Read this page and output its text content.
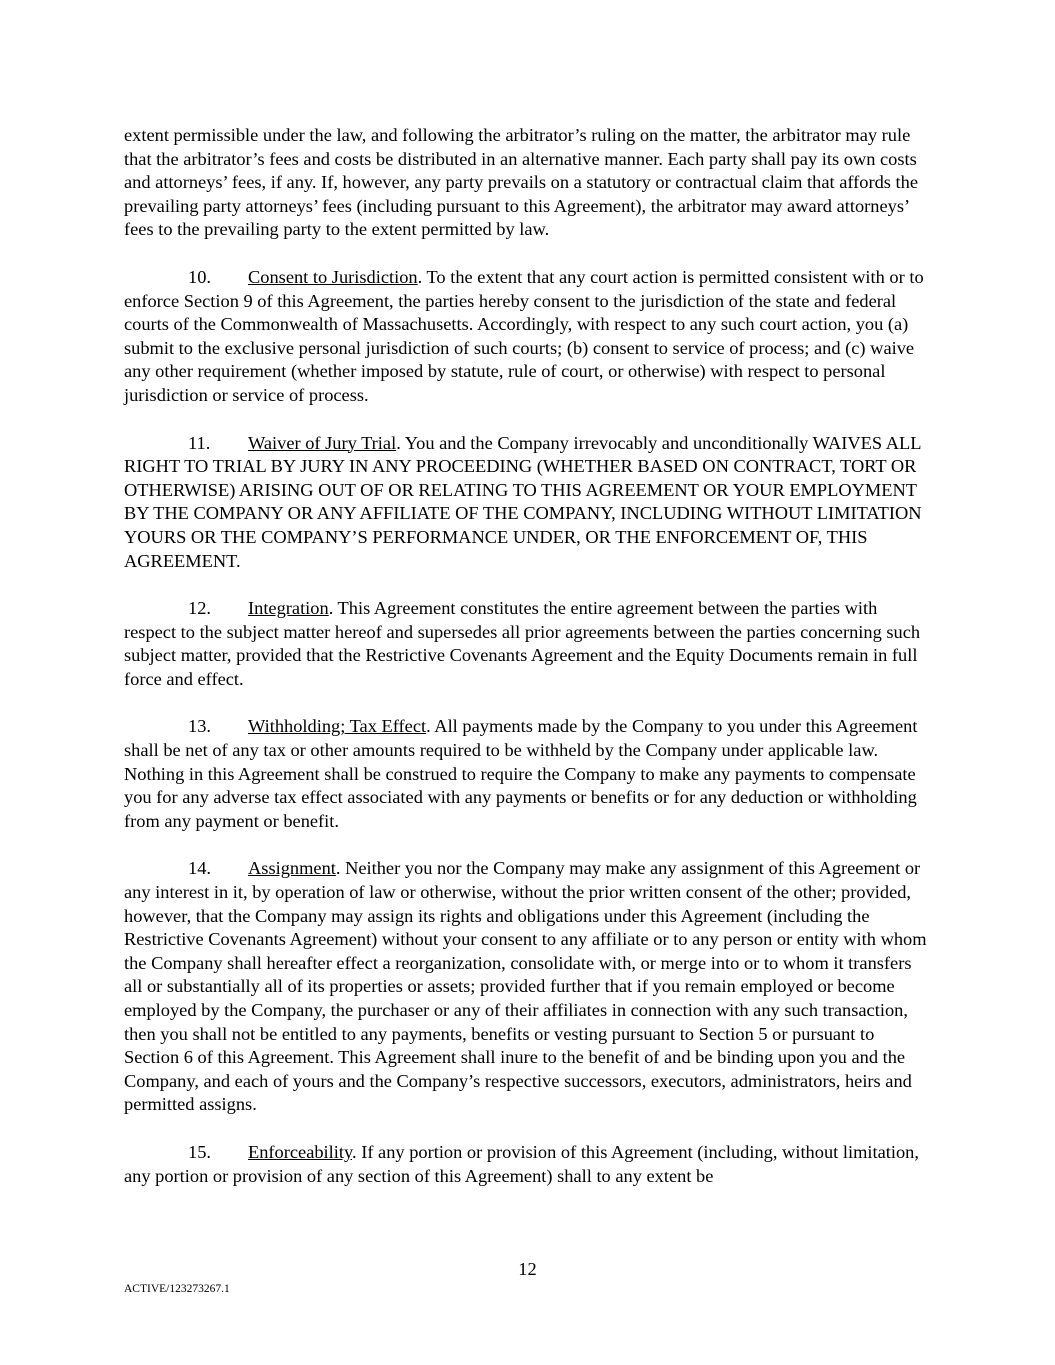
extent permissible under the law, and following the arbitrator’s ruling on the matter, the arbitrator may rule that the arbitrator’s fees and costs be distributed in an alternative manner. Each party shall pay its own costs and attorneys’ fees, if any. If, however, any party prevails on a statutory or contractual claim that affords the prevailing party attorneys’ fees (including pursuant to this Agreement), the arbitrator may award attorneys’ fees to the prevailing party to the extent permitted by law.

10. Consent to Jurisdiction. To the extent that any court action is permitted consistent with or to enforce Section 9 of this Agreement, the parties hereby consent to the jurisdiction of the state and federal courts of the Commonwealth of Massachusetts. Accordingly, with respect to any such court action, you (a) submit to the exclusive personal jurisdiction of such courts; (b) consent to service of process; and (c) waive any other requirement (whether imposed by statute, rule of court, or otherwise) with respect to personal jurisdiction or service of process.

11. Waiver of Jury Trial. You and the Company irrevocably and unconditionally WAIVES ALL RIGHT TO TRIAL BY JURY IN ANY PROCEEDING (WHETHER BASED ON CONTRACT, TORT OR OTHERWISE) ARISING OUT OF OR RELATING TO THIS AGREEMENT OR YOUR EMPLOYMENT BY THE COMPANY OR ANY AFFILIATE OF THE COMPANY, INCLUDING WITHOUT LIMITATION YOURS OR THE COMPANY’S PERFORMANCE UNDER, OR THE ENFORCEMENT OF, THIS AGREEMENT.

12. Integration. This Agreement constitutes the entire agreement between the parties with respect to the subject matter hereof and supersedes all prior agreements between the parties concerning such subject matter, provided that the Restrictive Covenants Agreement and the Equity Documents remain in full force and effect.

13. Withholding; Tax Effect. All payments made by the Company to you under this Agreement shall be net of any tax or other amounts required to be withheld by the Company under applicable law. Nothing in this Agreement shall be construed to require the Company to make any payments to compensate you for any adverse tax effect associated with any payments or benefits or for any deduction or withholding from any payment or benefit.

14. Assignment. Neither you nor the Company may make any assignment of this Agreement or any interest in it, by operation of law or otherwise, without the prior written consent of the other; provided, however, that the Company may assign its rights and obligations under this Agreement (including the Restrictive Covenants Agreement) without your consent to any affiliate or to any person or entity with whom the Company shall hereafter effect a reorganization, consolidate with, or merge into or to whom it transfers all or substantially all of its properties or assets; provided further that if you remain employed or become employed by the Company, the purchaser or any of their affiliates in connection with any such transaction, then you shall not be entitled to any payments, benefits or vesting pursuant to Section 5 or pursuant to Section 6 of this Agreement. This Agreement shall inure to the benefit of and be binding upon you and the Company, and each of yours and the Company’s respective successors, executors, administrators, heirs and permitted assigns.

15. Enforceability. If any portion or provision of this Agreement (including, without limitation, any portion or provision of any section of this Agreement) shall to any extent be

12
ACTIVE/123273267.1
